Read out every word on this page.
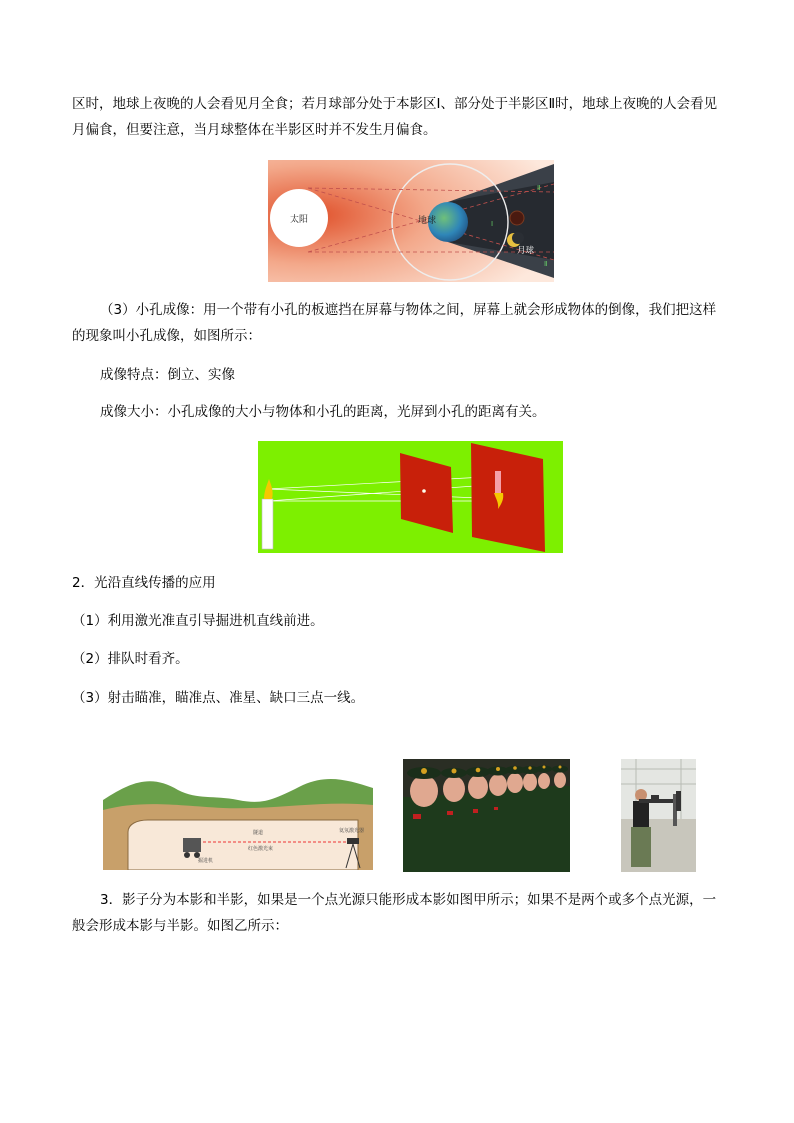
区时，地球上夜晚的人会看见月全食；若月球部分处于本影区Ⅰ、部分处于半影区Ⅱ时，地球上夜晚的人会看见月偏食，但要注意，当月球整体在半影区时并不发生月偏食。

太阳	地球
月球
Ⅱ
Ⅰ
Ⅱ

（3）小孔成像：用一个带有小孔的板遮挡在屏幕与物体之间，屏幕上就会形成物体的倒像，我们把这样的现象叫小孔成像，如图所示：

成像特点：倒立、实像

成像大小：小孔成像的大小与物体和小孔的距离，光屏到小孔的距离有关。

2．光沿直线传播的应用

（1）利用激光准直引导掘进机直线前进。

（2）排队时看齐。

（3）射击瞄准，瞄准点、准星、缺口三点一线。

隧道
红色激光束
掘进机
氦氖激光器

3．影子分为本影和半影，如果是一个点光源只能形成本影如图甲所示；如果不是两个或多个点光源，一般会形成本影与半影。如图乙所示：
